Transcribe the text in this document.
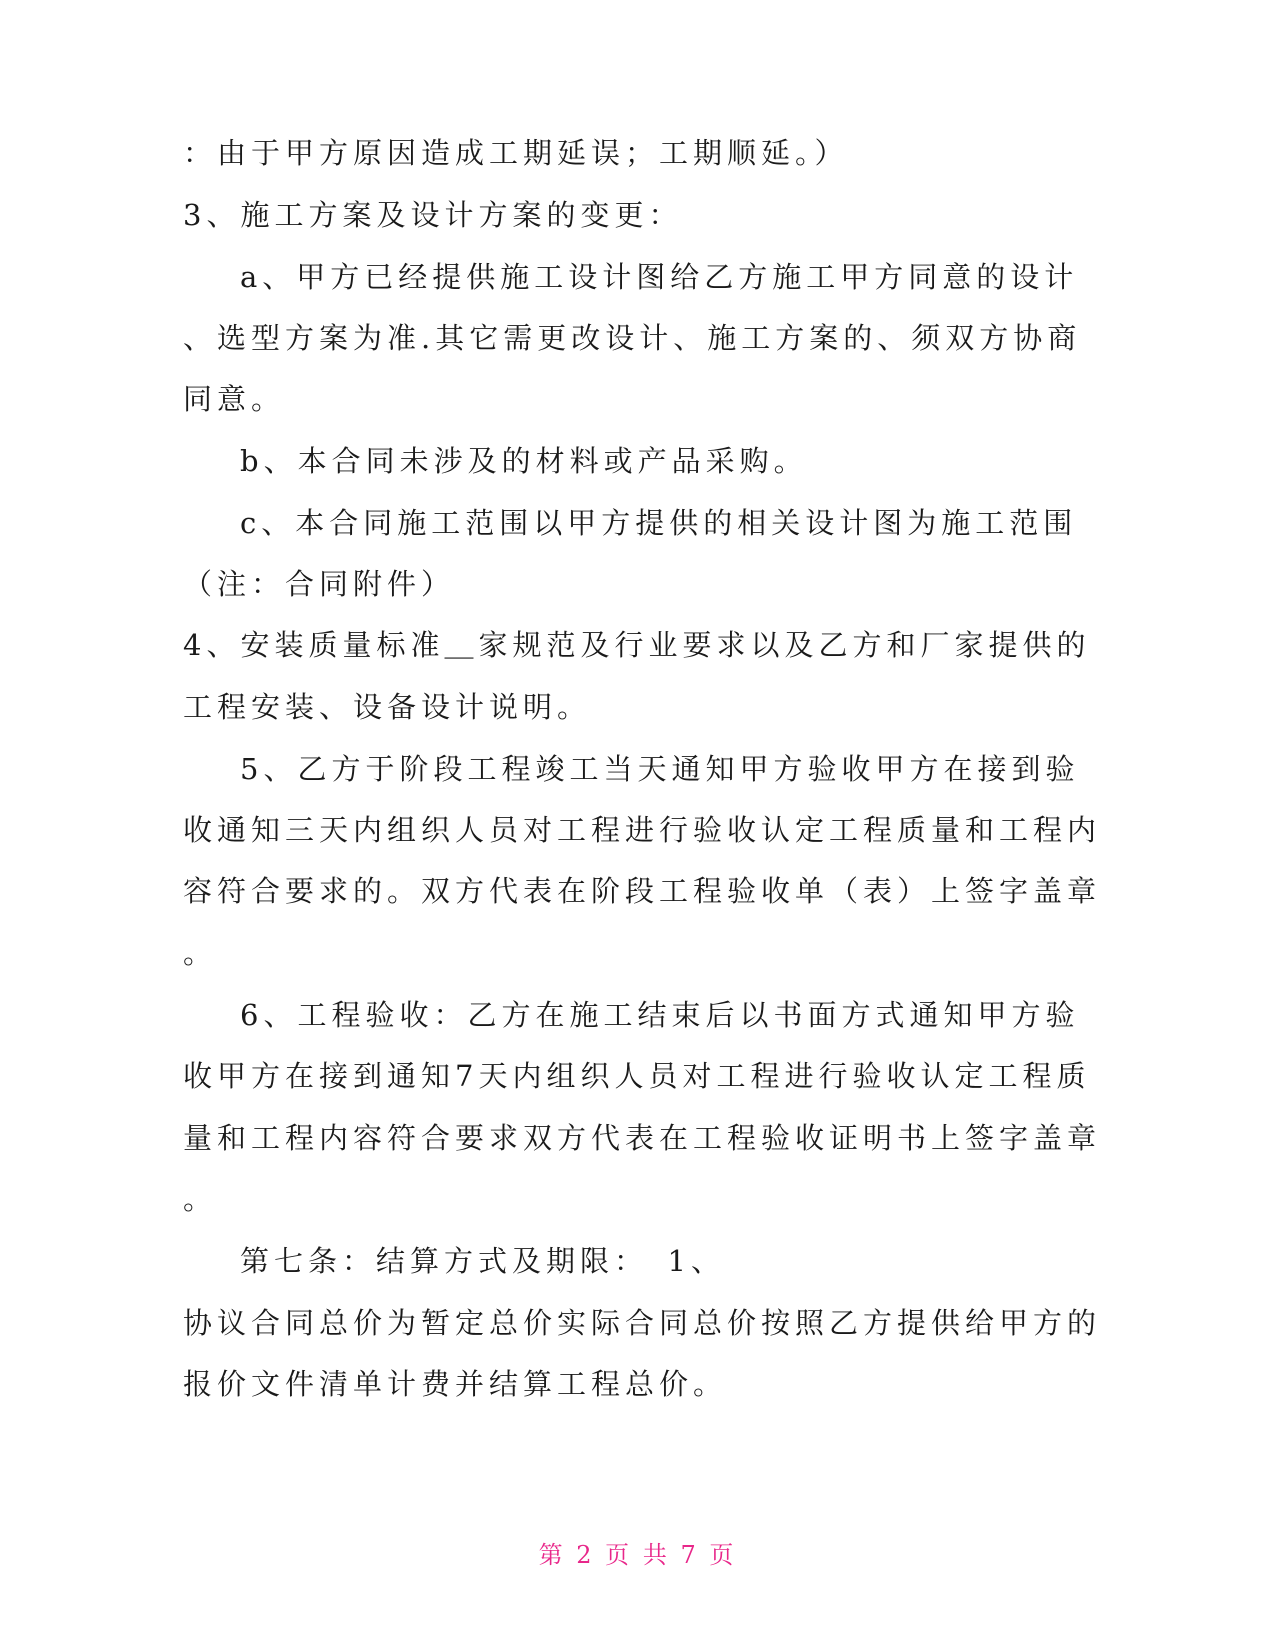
：由于甲方原因造成工期延误；工期顺延。）
3、施工方案及设计方案的变更：
a、甲方已经提供施工设计图给乙方施工甲方同意的设计
、选型方案为准.其它需更改设计、施工方案的、须双方协商
同意。
b、本合同未涉及的材料或产品采购。
c、本合同施工范围以甲方提供的相关设计图为施工范围
（注：合同附件）
4、安装质量标准＿家规范及行业要求以及乙方和厂家提供的
工程安装、设备设计说明。
5、乙方于阶段工程竣工当天通知甲方验收甲方在接到验
收通知三天内组织人员对工程进行验收认定工程质量和工程内
容符合要求的。双方代表在阶段工程验收单（表）上签字盖章
。
6、工程验收：乙方在施工结束后以书面方式通知甲方验
收甲方在接到通知7天内组织人员对工程进行验收认定工程质
量和工程内容符合要求双方代表在工程验收证明书上签字盖章
。
第七条：结算方式及期限：　1、
协议合同总价为暂定总价实际合同总价按照乙方提供给甲方的
报价文件清单计费并结算工程总价。
第 2 页 共 7 页
